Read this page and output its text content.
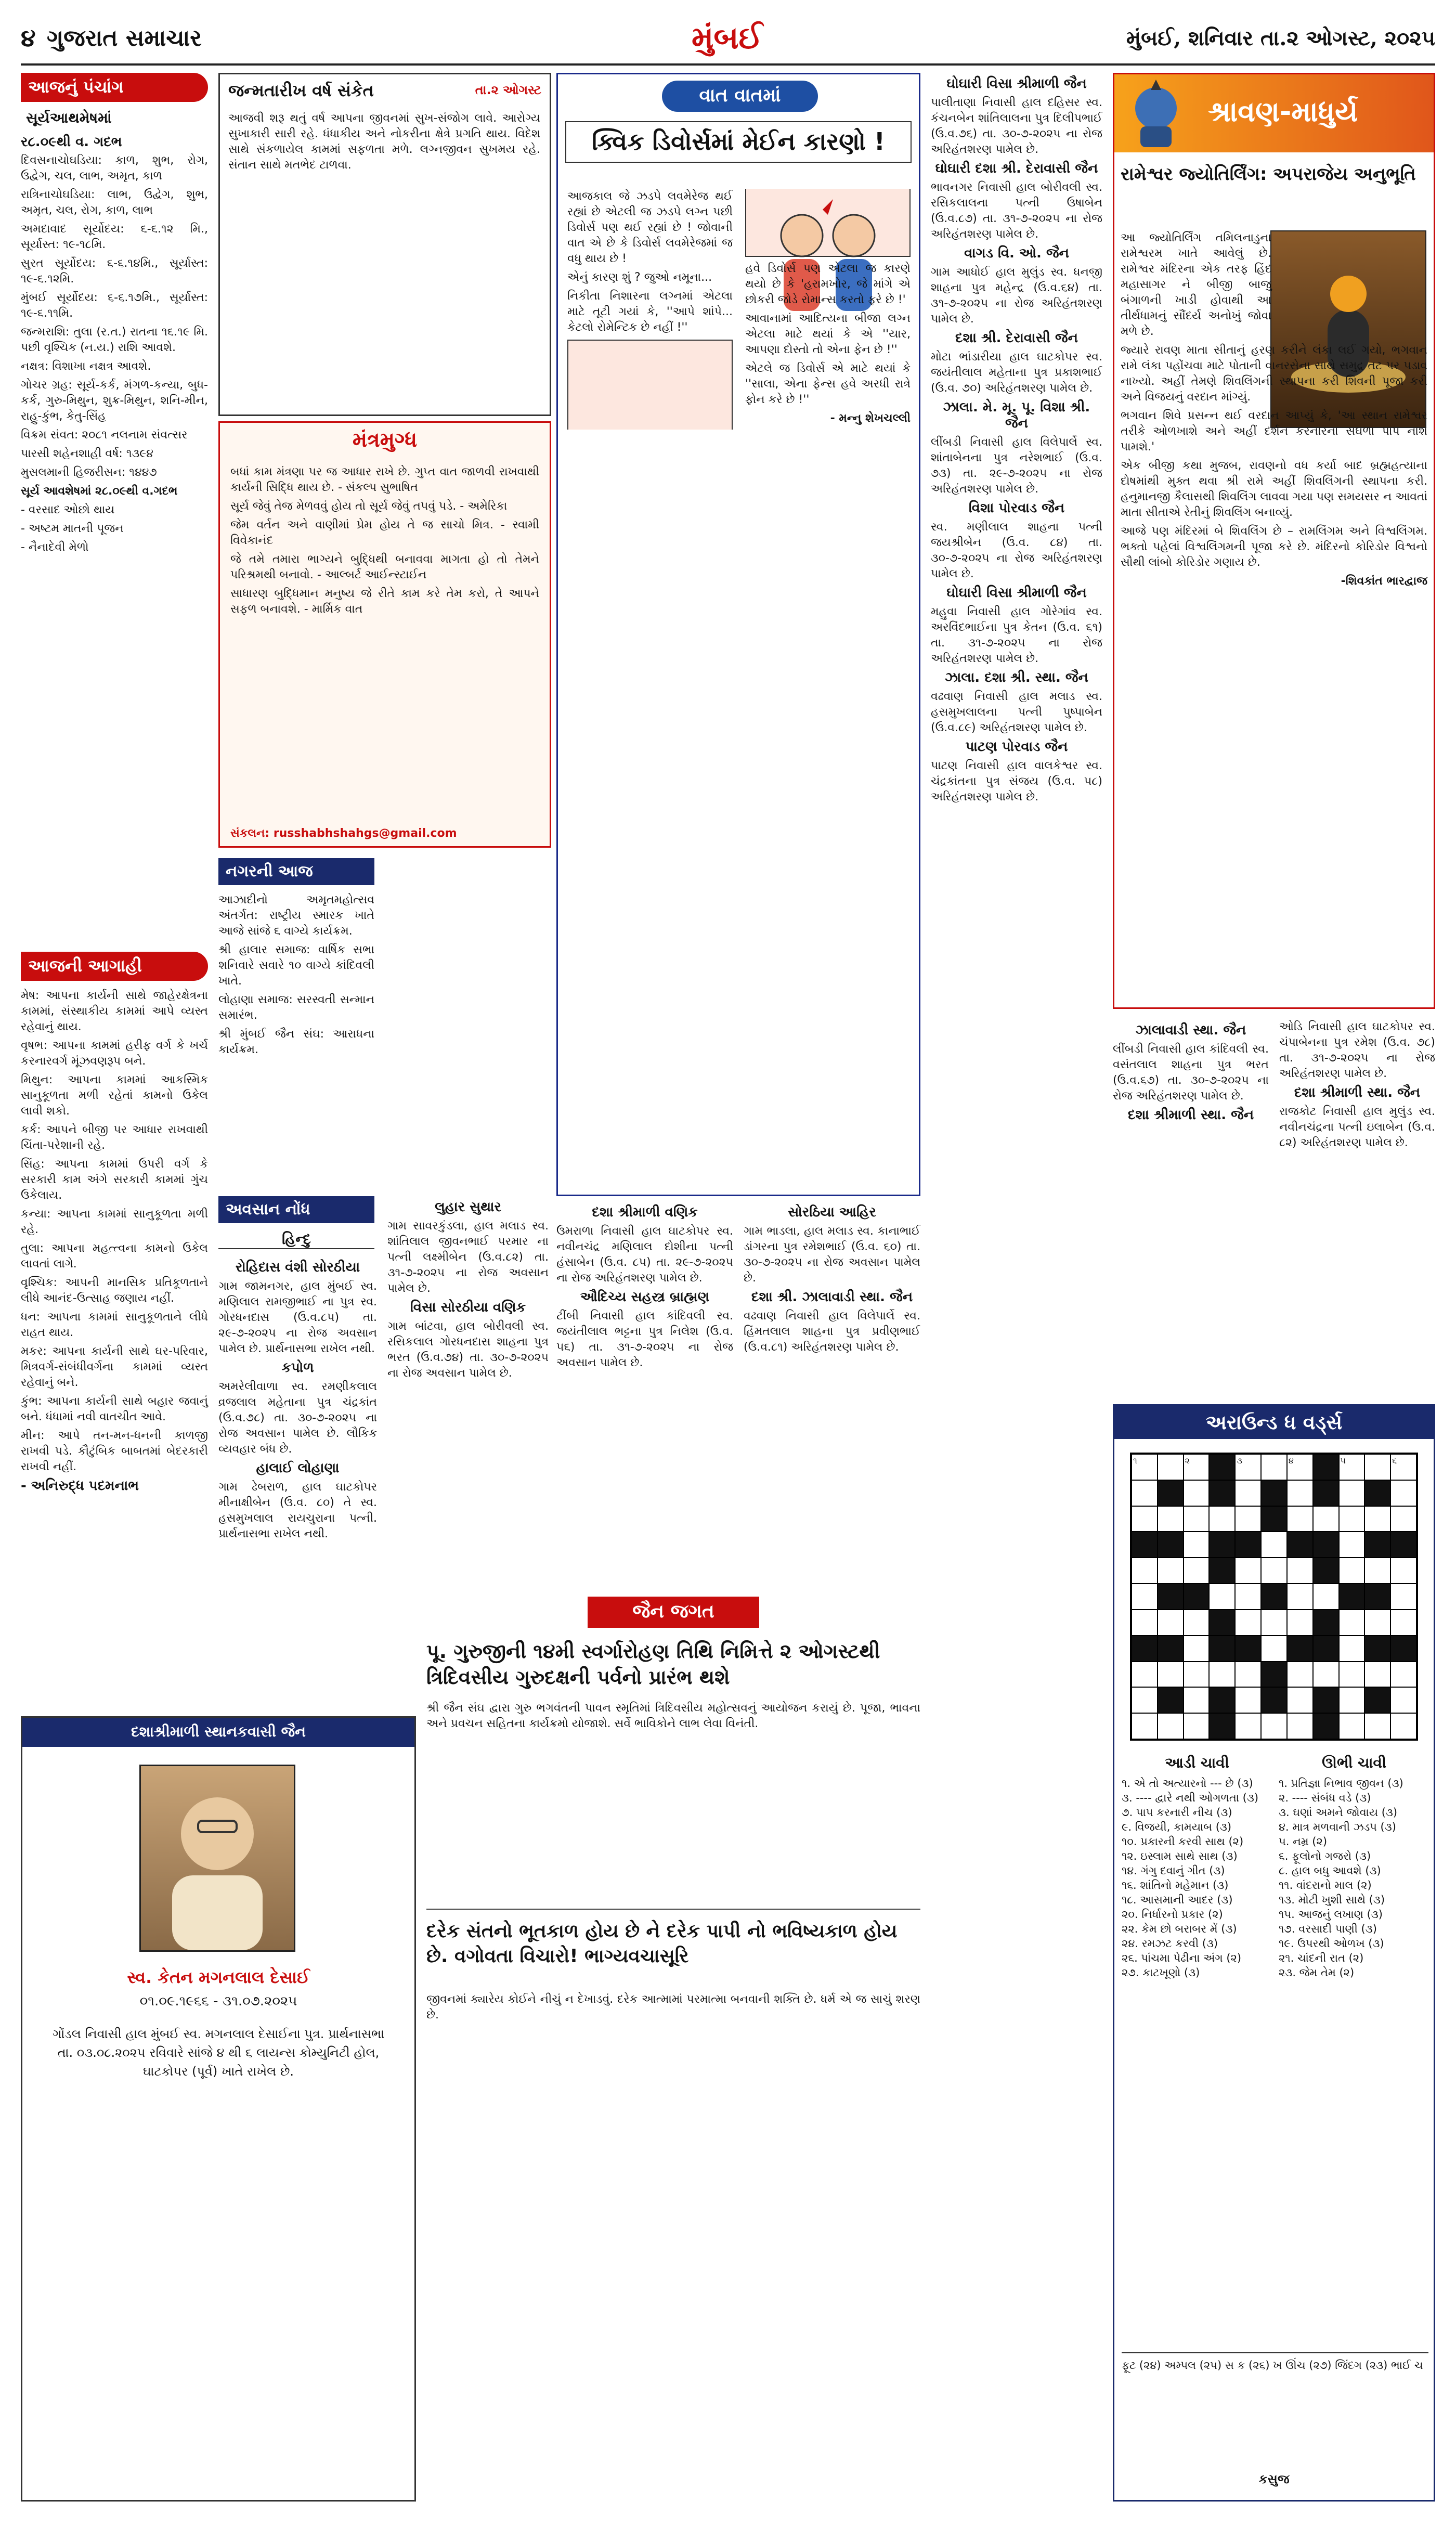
૪ ગુજરાત સમાચાર	મુંબઈ	મુંબઈ, શનિવાર તા.૨ ઓગસ્ટ, ૨૦૨૫
આજનું પંચાંગ
સૂર્યઆથમેષમાં

ર૮.૦૯થી વ. ગદભ

દિવસનાચોઘડિયા: કાળ, શુભ, રોગ, ઉદ્વેગ, ચલ, લાભ, અમૃત, કાળ

રાત્રિનાચોઘડિયા: લાભ, ઉદ્વેગ, શુભ, અમૃત, ચલ, રોગ, કાળ, લાભ

અમદાવાદ સૂર્યોદય: ૬-૬.૧૨ મિ., સૂર્યાસ્ત: ૧૯-૧૮મિ.

સુરત સૂર્યોદય: ૬-૬.૧૪મિ., સૂર્યાસ્ત: ૧૯-૬.૧૨મિ.

મુંબઈ સૂર્યોદય: ૬-૬.૧૭મિ., સૂર્યાસ્ત: ૧૯-૬.૧૧મિ.

જન્મરાશિ: તુલા (ર.ત.) રાતના ૧૬.૧૯ મિ. પછી વૃશ્ચિક (ન.ય.) રાશિ આવશે.

નક્ષત્ર: વિશાખા નક્ષત્ર આવશે.

ગોચર ગ્રહ: સૂર્ય-કર્ક, મંગળ-કન્યા, બુધ-કર્ક, ગુરુ-મિથુન, શુક્ર-મિથુન, શનિ-મીન, રાહુ-કુંભ, કેતુ-સિંહ

વિક્રમ સંવત: ૨૦૮૧ નલનામ સંવત્સર

પારસી શહેનશાહી વર્ષ: ૧૩૯૪

મુસલમાની હિજરીસન: ૧૪૪૭

સૂર્ય આવશેષમાં ૨૮.૦૯થી વ.ગદભ

- વરસાદ ઓછો થાય

- અષ્ટમ માતની પૂજન

- નૈનાદેવી મેળો

આજની આગાહી

મેષ: આપના કાર્યની સાથે જાહેરક્ષેત્રના કામમાં, સંસ્થાકીય કામમાં આપે વ્યસ્ત રહેવાનું થાય.

વૃષભ: આપના કામમાં હરીફ વર્ગ કે ખર્ચ કરનારવર્ગ મૂંઝવણરૂપ બને.

મિથુન: આપના કામમાં આકસ્મિક સાનુકૂળતા મળી રહેતાં કામનો ઉકેલ લાવી શકો.

કર્ક: આપને બીજી પર આધાર રાખવાથી ચિંતા-પરેશાની રહે.

સિંહ: આપના કામમાં ઉપરી વર્ગ કે સરકારી કામ અંગે સરકારી કામમાં ગુંચ ઉકેલાય.

કન્યા: આપના કામમાં સાનુકૂળતા મળી રહે.

તુલા: આપના મહત્ત્વના કામનો ઉકેલ લાવતાં લાગે.

વૃશ્ચિક: આપની માનસિક પ્રતિકૂળતાને લીધે આનંદ-ઉત્સાહ જણાય નહીં.

ધન: આપના કામમાં સાનુકૂળતાને લીધે રાહત થાય.

મકર: આપના કાર્યની સાથે ઘર-પરિવાર, મિત્રવર્ગ-સંબંધીવર્ગના કામમાં વ્યસ્ત રહેવાનું બને.

કુંભ: આપના કાર્યની સાથે બહાર જવાનું બને. ધંધામાં નવી વાતચીત આવે.

મીન: આપે તન-મન-ધનની કાળજી રાખવી પડે. કૌટુંબિક બાબતમાં બેદરકારી રાખવી નહીં.

- અનિરુદ્ધ પદમનાભ

દશાશ્રીમાળી સ્થાનકવાસી જૈન
સ્વ. કેતન મગનલાલ દેસાઈ
૦૧.૦૯.૧૯૬૬ - ૩૧.૦૭.૨૦૨૫
ગોંડલ નિવાસી હાલ મુંબઈ સ્વ. મગનલાલ દેસાઈના પુત્ર. પ્રાર્થનાસભા તા. ૦૩.૦૮.૨૦૨૫ રવિવારે સાંજે ૪ થી ૬ લાયન્સ કોમ્યુનિટી હોલ, ઘાટકોપર (પૂર્વ) ખાતે રાખેલ છે.
જન્મતારીખ વર્ષ સંકેત	તા.૨ ઓગસ્ટ
આજવી શરૂ થતું વર્ષ આપના જીવનમાં સુખ-સંજોગ લાવે. આરોગ્ય સુખાકારી સારી રહે. ધંધાકીય અને નોકરીના ક્ષેત્રે પ્રગતિ થાય. વિદેશ સાથે સંકળાયેલ કામમાં સફળતા મળે. લગ્નજીવન સુખમય રહે. સંતાન સાથે મતભેદ ટાળવા.
મંત્રમુગ્ધ

બધાં કામ મંત્રણા પર જ આધાર રાખે છે. ગુપ્ત વાત જાળવી રાખવાથી કાર્યની સિદ્ધિ થાય છે. - સંકલ્પ સુભાષિત

સૂર્ય જેવું તેજ મેળવવું હોય તો સૂર્ય જેવું તપવું પડે. - અમેરિકા

જેમ વર્તન અને વાણીમાં પ્રેમ હોય તે જ સાચો મિત્ર. - સ્વામી વિવેકાનંદ

જે તમે તમારા ભાગ્યને બુદ્ધિથી બનાવવા માગતા હો તો તેમને પરિશ્રમથી બનાવો. - આલ્બર્ટ આઈન્સ્ટાઈન

સાધારણ બુદ્ધિમાન મનુષ્ય જે રીતે કામ કરે તેમ કરો, તે આપને સફળ બનાવશે. - માર્મિક વાત

સંકલન: russhabhshahgs@gmail.com
નગરની આજ

આઝાદીનો અમૃતમહોત્સવ અંતર્ગત: રાષ્ટ્રીય સ્મારક ખાતે આજે સાંજે ૬ વાગ્યે કાર્યક્રમ.

શ્રી હાલાર સમાજ: વાર્ષિક સભા શનિવારે સવારે ૧૦ વાગ્યે કાંદિવલી ખાતે.

લોહાણા સમાજ: સરસ્વતી સન્માન સમારંભ.

શ્રી મુંબઈ જૈન સંઘ: આરાધના કાર્યક્રમ.

અવસાન નોંધ
હિન્દુ
રોહિદાસ વંશી સોરઠીયા

ગામ જામનગર, હાલ મુંબઈ સ્વ. મણિલાલ રામજીભાઈ ના પુત્ર સ્વ. ગોરધનદાસ (ઉ.વ.૮૫) તા. ૨૯-૭-૨૦૨૫ ના રોજ અવસાન પામેલ છે. પ્રાર્થનાસભા રાખેલ નથી.

કપોળ

અમરેલીવાળા સ્વ. રમણીકલાલ વ્રજલાલ મહેતાના પુત્ર ચંદ્રકાંત (ઉ.વ.૭૮) તા. ૩૦-૭-૨૦૨૫ ના રોજ અવસાન પામેલ છે. લૌકિક વ્યવહાર બંધ છે.

હાલાઈ લોહાણા

ગામ ઢેબરાળ, હાલ ઘાટકોપર મીનાક્ષીબેન (ઉ.વ. ૮૦) તે સ્વ. હસમુખલાલ રાયચુરાના પત્ની. પ્રાર્થનાસભા રાખેલ નથી.

લુહાર સુથાર

ગામ સાવરકુંડલા, હાલ મલાડ સ્વ. શાંતિલાલ જીવનભાઈ પરમાર ના પત્ની લક્ષ્મીબેન (ઉ.વ.૮૨) તા. ૩૧-૭-૨૦૨૫ ના રોજ અવસાન પામેલ છે.

વિસા સોરઠીયા વણિક

ગામ બાંટવા, હાલ બોરીવલી સ્વ. રસિકલાલ ગોરધનદાસ શાહના પુત્ર ભરત (ઉ.વ.૭૪) તા. ૩૦-૭-૨૦૨૫ ના રોજ અવસાન પામેલ છે.

વાત વાતમાં
ક્વિક ડિવોર્સમાં મેઈન કારણો !

આજકાલ જે ઝડપે લવમેરેજ થઈ રહ્યાં છે એટલી જ ઝડપે લગ્ન પછી ડિવોર્સ પણ થઈ રહ્યાં છે ! જોવાની વાત એ છે કે ડિવોર્સ લવમેરેજમાં જ વધુ થાય છે !

એનું કારણ શું ? જુઓ નમૂના...

નિકીતા નિશારના લગ્નમાં એટલા માટે તૂટી ગયાં કે, ''આપે શાંપે... કેટલો રોમેન્ટિક છે નહીં !''

હવે ડિવોર્સ પણ એટલા જ કારણે થયો છે કે 'હરામખોર, જે માંગે એ છોકરી જોડે રોમાન્સ કરતો ફરે છે !'

આવાનામાં આદિત્યના બીજા લગ્ન એટલા માટે થયાં કે એ ''યાર, આપણા દોસ્તો તો એના ફેન છે !''

એટલે જ ડિવોર્સ એ માટે થયાં કે ''સાલા, એના ફેન્સ હવે અરધી રાત્રે ફોન કરે છે !''

- મન્નુ શેખચલ્લી

દશા શ્રીમાળી વણિક

ઉમરાળા નિવાસી હાલ ઘાટકોપર સ્વ. નવીનચંદ્ર મણિલાલ દોશીના પત્ની હંસાબેન (ઉ.વ. ૮૫) તા. ૨૯-૭-૨૦૨૫ ના રોજ અરિહંતશરણ પામેલ છે.

ઔદિચ્ય સહસ્ત્ર બ્રાહ્મણ

ટીંબી નિવાસી હાલ કાંદિવલી સ્વ. જયંતીલાલ ભટ્ટના પુત્ર નિલેશ (ઉ.વ. ૫૬) તા. ૩૧-૭-૨૦૨૫ ના રોજ અવસાન પામેલ છે.

સોરઠિયા આહિર

ગામ ભાડલા, હાલ મલાડ સ્વ. કાનાભાઈ ડાંગરના પુત્ર રમેશભાઈ (ઉ.વ. ૬૦) તા. ૩૦-૭-૨૦૨૫ ના રોજ અવસાન પામેલ છે.

દશા શ્રી. ઝાલાવાડી સ્થા. જૈન

વઢવાણ નિવાસી હાલ વિલેપાર્લે સ્વ. હિંમતલાલ શાહના પુત્ર પ્રવીણભાઈ (ઉ.વ.૮૧) અરિહંતશરણ પામેલ છે.

જૈન જગત
પૂ. ગુરુજીની ૧૪મી સ્વર્ગારોહણ તિથિ નિમિત્તે ૨ ઓગસ્ટથી ત્રિદિવસીય ગુરુદક્ષની પર્વનો પ્રારંભ થશે
શ્રી જૈન સંઘ દ્વારા ગુરુ ભગવંતની પાવન સ્મૃતિમાં ત્રિદિવસીય મહોત્સવનું આયોજન કરાયું છે. પૂજા, ભાવના અને પ્રવચન સહિતના કાર્યક્રમો યોજાશે. સર્વે ભાવિકોને લાભ લેવા વિનંતી.
દરેક સંતનો ભૂતકાળ હોય છે ને દરેક પાપી નો ભવિષ્યકાળ હોય છે. વગોવતા વિચારો! ભાગ્યવચાસૂરિ
જીવનમાં ક્યારેય કોઈને નીચું ન દેખાડવું. દરેક આત્મામાં પરમાત્મા બનવાની શક્તિ છે. ધર્મ એ જ સાચું શરણ છે.
ઘોઘારી વિસા શ્રીમાળી જૈન

પાલીતાણા નિવાસી હાલ દહિસર સ્વ. કંચનબેન શાંતિલાલના પુત્ર દિલીપભાઈ (ઉ.વ.૭૬) તા. ૩૦-૭-૨૦૨૫ ના રોજ અરિહંતશરણ પામેલ છે.

ઘોઘારી દશા શ્રી. દેરાવાસી જૈન

ભાવનગર નિવાસી હાલ બોરીવલી સ્વ. રસિકલાલના પત્ની ઉષાબેન (ઉ.વ.૮૭) તા. ૩૧-૭-૨૦૨૫ ના રોજ અરિહંતશરણ પામેલ છે.

વાગડ વિ. ઓ. જૈન

ગામ આધોઈ હાલ મુલુંડ સ્વ. ધનજી શાહના પુત્ર મહેન્દ્ર (ઉ.વ.૬૪) તા. ૩૧-૭-૨૦૨૫ ના રોજ અરિહંતશરણ પામેલ છે.

દશા શ્રી. દેરાવાસી જૈન

મોટા ભાંડારીયા હાલ ઘાટકોપર સ્વ. જયંતીલાલ મહેતાના પુત્ર પ્રકાશભાઈ (ઉ.વ. ૭૦) અરિહંતશરણ પામેલ છે.

ઝાલા. મે. મૂ. પૂ. વિશા શ્રી. જૈન

લીંબડી નિવાસી હાલ વિલેપાર્લે સ્વ. શાંતાબેનના પુત્ર નરેશભાઈ (ઉ.વ. ૭૩) તા. ૨૯-૭-૨૦૨૫ ના રોજ અરિહંતશરણ પામેલ છે.

વિશા પોરવાડ જૈન

સ્વ. મણીલાલ શાહના પત્ની જયશ્રીબેન (ઉ.વ. ૮૪) તા. ૩૦-૭-૨૦૨૫ ના રોજ અરિહંતશરણ પામેલ છે.

ઘોઘારી વિસા શ્રીમાળી જૈન

મહુવા નિવાસી હાલ ગોરેગાંવ સ્વ. અરવિંદભાઈના પુત્ર કેતન (ઉ.વ. ૬૧) તા. ૩૧-૭-૨૦૨૫ ના રોજ અરિહંતશરણ પામેલ છે.

ઝાલા. દશા શ્રી. સ્થા. જૈન

વઢવાણ નિવાસી હાલ મલાડ સ્વ. હસમુખલાલના પત્ની પુષ્પાબેન (ઉ.વ.૮૯) અરિહંતશરણ પામેલ છે.

પાટણ પોરવાડ જૈન

પાટણ નિવાસી હાલ વાલકેશ્વર સ્વ. ચંદ્રકાંતના પુત્ર સંજય (ઉ.વ. ૫૮) અરિહંતશરણ પામેલ છે.

શ્રાવણ-માધુર્ય
રામેશ્વર જ્યોતિર્લિંગ: અપરાજેય અનુભૂતિ

આ જ્યોતિર્લિંગ તમિલનાડુના રામેશ્વરમ ખાતે આવેલું છે. રામેશ્વર મંદિરના એક તરફ હિંદ મહાસાગર ને બીજી બાજુ બંગાળની ખાડી હોવાથી આ તીર્થધામનું સૌંદર્ય અનોખું જોવા મળે છે.

જ્યારે રાવણ માતા સીતાનું હરણ કરીને લંકા લઈ ગયો, ભગવાન રામે લંકા પહોંચવા માટે પોતાની વાનરસેના સાથે સમુદ્ર તટ પર પડાવ નાખ્યો. અહીં તેમણે શિવલિંગની સ્થાપના કરી શિવની પૂજા કરી અને વિજયનું વરદાન માંગ્યું.

ભગવાન શિવે પ્રસન્ન થઈ વરદાન આપ્યું કે, 'આ સ્થાન રામેશ્વર તરીકે ઓળખાશે અને અહીં દર્શન કરનારના સઘળા પાપ નાશ પામશે.'

એક બીજી કથા મુજબ, રાવણનો વધ કર્યા બાદ બ્રહ્મહત્યાના દોષમાંથી મુક્ત થવા શ્રી રામે અહીં શિવલિંગની સ્થાપના કરી. હનુમાનજી કૈલાસથી શિવલિંગ લાવવા ગયા પણ સમયસર ન આવતાં માતા સીતાએ રેતીનું શિવલિંગ બનાવ્યું.

આજે પણ મંદિરમાં બે શિવલિંગ છે – રામલિંગમ અને વિશ્વલિંગમ. ભક્તો પહેલાં વિશ્વલિંગમની પૂજા કરે છે. મંદિરનો કોરિડોર વિશ્વનો સૌથી લાંબો કોરિડોર ગણાય છે.

-શિવકાંત ભારદ્વાજ

ઝાલાવાડી સ્થા. જૈન

લીંબડી નિવાસી હાલ કાંદિવલી સ્વ. વસંતલાલ શાહના પુત્ર ભરત (ઉ.વ.૬૭) તા. ૩૦-૭-૨૦૨૫ ના રોજ અરિહંતશરણ પામેલ છે.

દશા શ્રીમાળી સ્થા. જૈન

ઓડિ નિવાસી હાલ ઘાટકોપર સ્વ. ચંપાબેનના પુત્ર રમેશ (ઉ.વ. ૭૮) તા. ૩૧-૭-૨૦૨૫ ના રોજ અરિહંતશરણ પામેલ છે.

દશા શ્રીમાળી સ્થા. જૈન

રાજકોટ નિવાસી હાલ મુલુંડ સ્વ. નવીનચંદ્રના પત્ની ઇલાબેન (ઉ.વ. ૮૨) અરિહંતશરણ પામેલ છે.

અરાઉન્ડ ધ વર્ડ્સ
૧	૨	૩	૪	૫	૬
આડી ચાવી

૧. એ તો અત્યારનો --- છે (૩)

૩. ---- દ્વારે નથી ઓગળતા (૩)

૭. પાપ કરનારી નીચ (૩)

૯. વિજયી, કામયાબ (૩)

૧૦. પ્રકારની કરવી સાથ (૨)

૧૨. ઇસ્લામ સાથે સાથ (૩)

૧૪. ગંગુ દવાનું ગીત (૩)

૧૬. શાંતિનો મહેમાન (૩)

૧૮. આસમાની આદર (૩)

૨૦. નિર્ધારનો પ્રકાર (૨)

૨૨. કેમ છો બરાબર મેં (૩)

૨૪. રમઝટ કરવી (૩)

૨૬. પાંચમા પેઢીના અંગ (૨)

૨૭. કાટખૂણો (૩)

ઊભી ચાવી

૧. પ્રતિજ્ઞા નિભાવ જીવન (૩)

૨. ---- સંબંધ વડે (૩)

૩. ઘણાં અમને જોવાય (૩)

૪. માત્ર મળવાની ઝડપ (૩)

૫. નમ્ર (૨)

૬. ફૂલોનો ગજરો (૩)

૮. હાલ બધુ આવશે (૩)

૧૧. વાંદરાનો માલ (૨)

૧૩. મોટી ખુશી સાથે (૩)

૧૫. આજનું લખાણ (૩)

૧૭. વરસાદી પાણી (૩)

૧૯. ઉપરથી ઓળખ (૩)

૨૧. ચાંદની રાત (૨)

૨૩. જેમ તેમ (૨)

ફૂટ (૨૪) અમ્પલ (૨૫) સ ક (૨૬) ખ ઊંચ (૨૭) જિંદગ (૨૩) ભાઈ ચ
કસુજ
